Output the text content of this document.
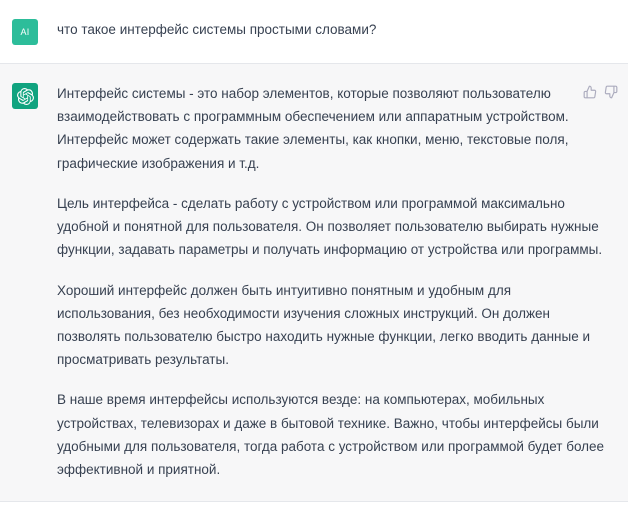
AI что такое интерфейс системы простыми словами?

Интерфейс системы - это набор элементов, которые позволяют пользователю взаимодействовать с программным обеспечением или аппаратным устройством. Интерфейс может содержать такие элементы, как кнопки, меню, текстовые поля, графические изображения и т.д.

Цель интерфейса - сделать работу с устройством или программой максимально удобной и понятной для пользователя. Он позволяет пользователю выбирать нужные функции, задавать параметры и получать информацию от устройства или программы.

Хороший интерфейс должен быть интуитивно понятным и удобным для использования, без необходимости изучения сложных инструкций. Он должен позволять пользователю быстро находить нужные функции, легко вводить данные и просматривать результаты.

В наше время интерфейсы используются везде: на компьютерах, мобильных устройствах, телевизорах и даже в бытовой технике. Важно, чтобы интерфейсы были удобными для пользователя, тогда работа с устройством или программой будет более эффективной и приятной.
